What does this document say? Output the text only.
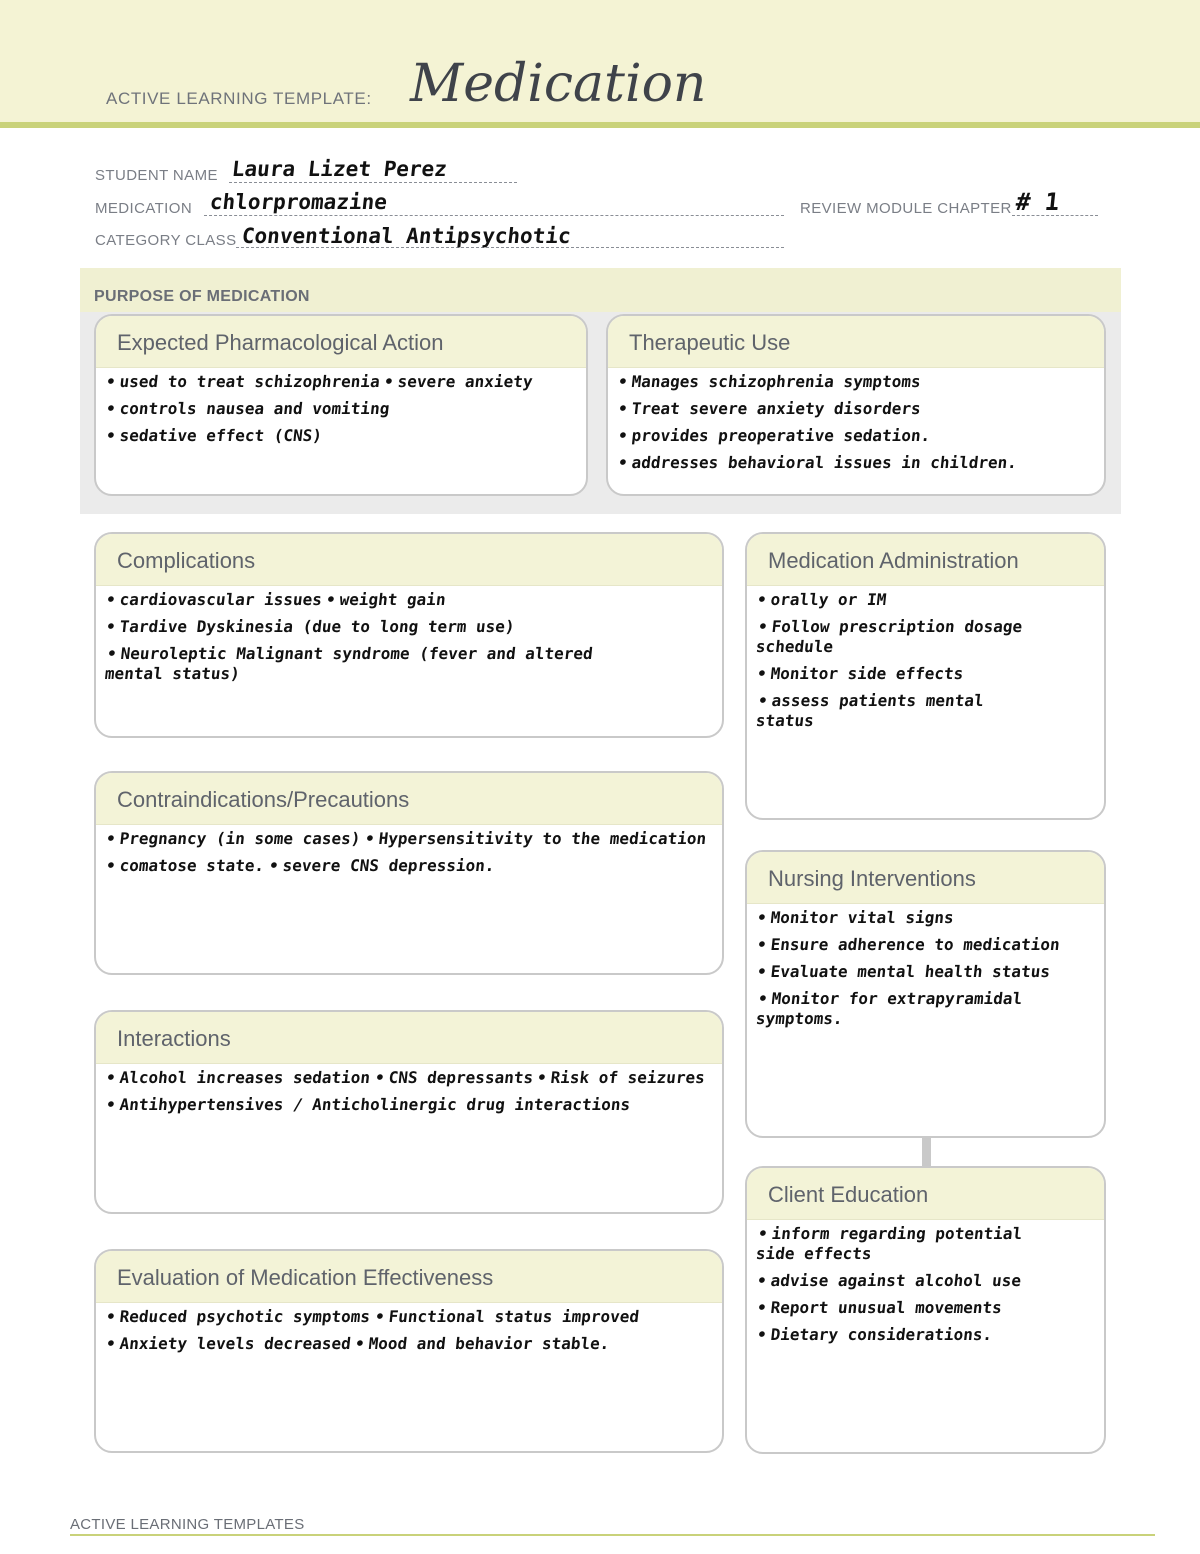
ACTIVE LEARNING TEMPLATE: Medication
STUDENT NAME Laura Lizet Perez
MEDICATION chlorpromazine	REVIEW MODULE CHAPTER # 1
CATEGORY CLASS Conventional Antipsychotic
PURPOSE OF MEDICATION
Expected Pharmacological Action
• used to treat schizophrenia • severe anxiety • controls nausea and vomiting • sedative effect (CNS)
Therapeutic Use
• Manages schizophrenia symptoms • Treat severe anxiety disorders • provides preoperative sedation. • addresses behavioral issues in children.
Complications
• cardiovascular issues • weight gain • Tardive Dyskinesia (due to long term use) • Neuroleptic Malignant syndrome (fever and altered
mental status)
Medication Administration
• orally or IM • Follow prescription dosage
schedule • Monitor side effects • assess patients mental
status
Contraindications/Precautions
• Pregnancy (in some cases) • Hypersensitivity to the medication • comatose state. • severe CNS depression.
Nursing Interventions
• Monitor vital signs • Ensure adherence to medication • Evaluate mental health status • Monitor for extrapyramidal
symptoms.
Interactions
• Alcohol increases sedation • CNS depressants • Risk of seizures • Antihypertensives / Anticholinergic drug interactions
Client Education
• inform regarding potential
side effects • advise against alcohol use • Report unusual movements • Dietary considerations.
Evaluation of Medication Effectiveness
• Reduced psychotic symptoms • Functional status improved • Anxiety levels decreased • Mood and behavior stable.
ACTIVE LEARNING TEMPLATES
